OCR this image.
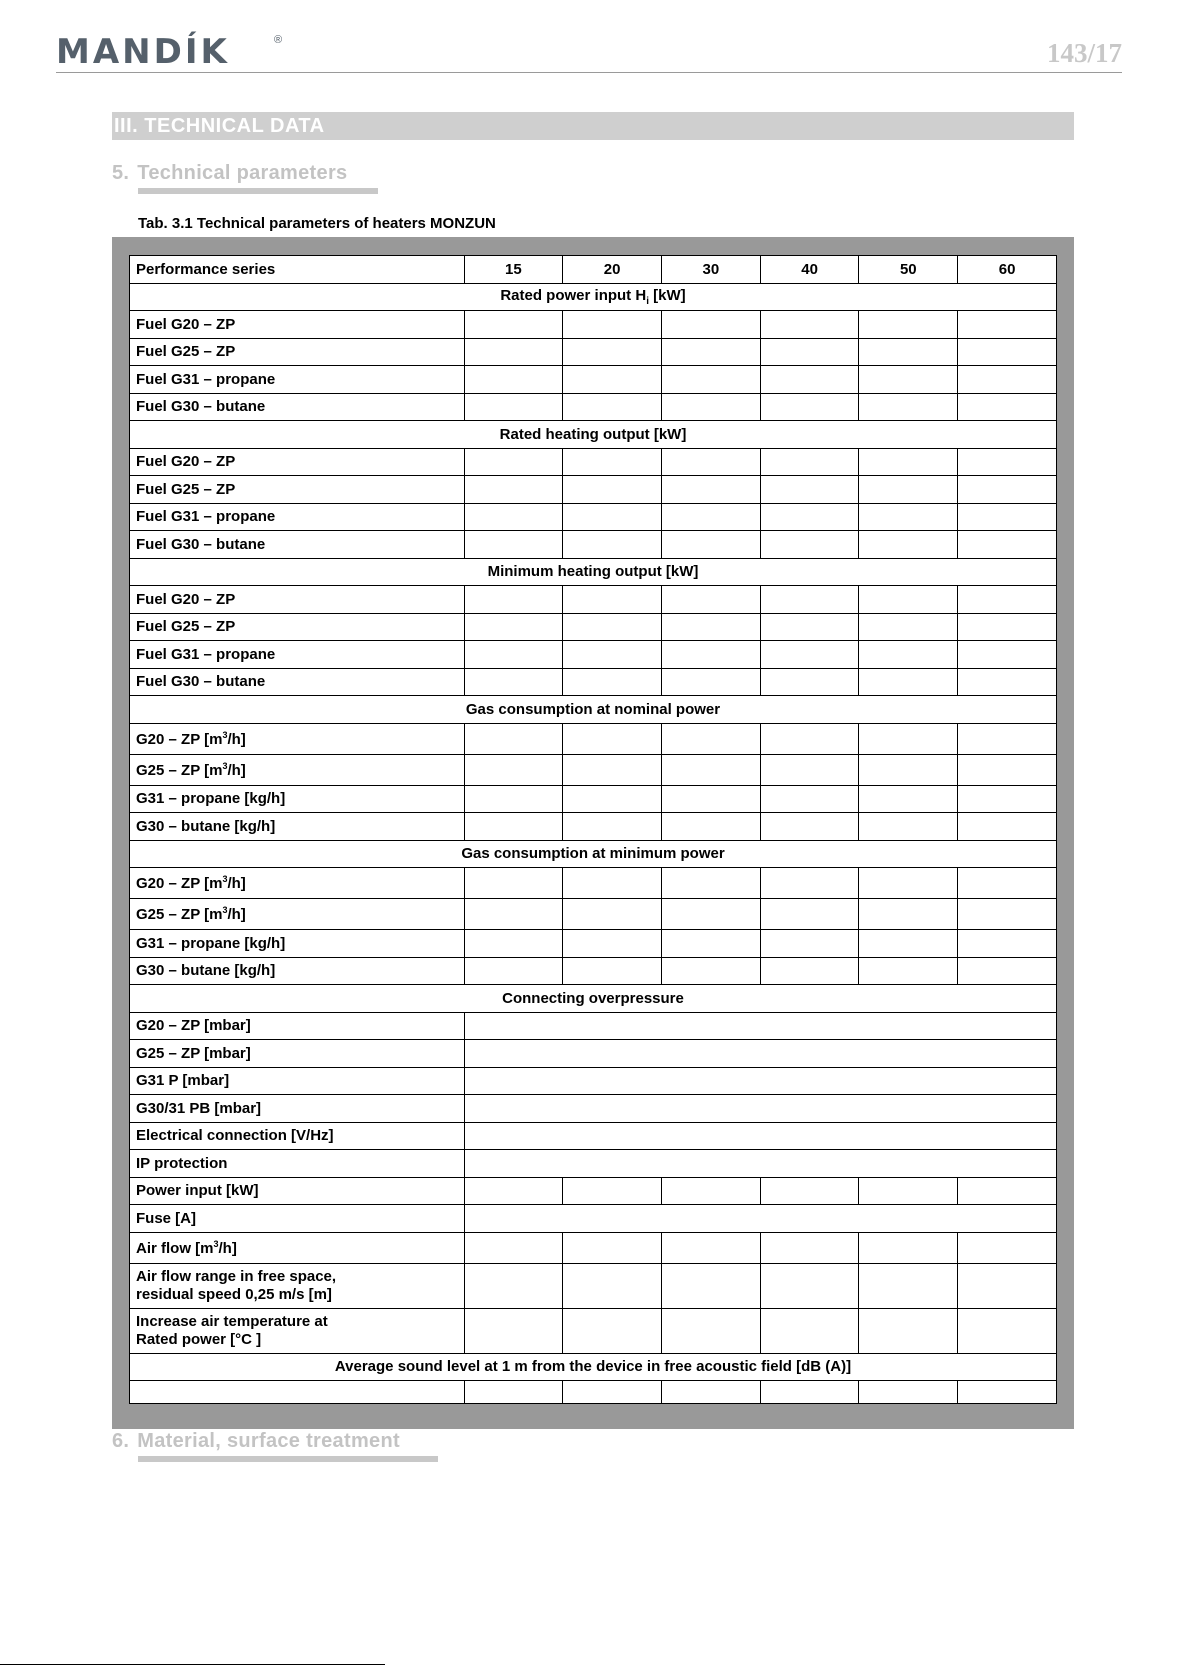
MANDÍK	®	143/17
III. TECHNICAL DATA
5. Technical parameters
Tab. 3.1 Technical parameters of heaters MONZUN
Performance series	15	20	30	40	50	60
Rated power input $H_i$ [kW]						
Fuel G20 – ZP						
Fuel G25 – ZP						
Fuel G31 – propane						
Fuel G30 – butane						
Rated heating output [kW]						
Fuel G20 – ZP						
Fuel G25 – ZP						
Fuel G31 – propane						
Fuel G30 – butane						
Minimum heating output [kW]						
Fuel G20 – ZP						
Fuel G25 – ZP						
Fuel G31 – propane						
Fuel G30 – butane						
Gas consumption at nominal power						
G20 – ZP $[m^3/h]$						
G25 – ZP $[m^3/h]$						
G31 – propane [kg/h]						
G30 – butane [kg/h]						
Gas consumption at minimum power						
G20 – ZP $[m^3/h]$						
G25 – ZP $[m^3/h]$						
G31 – propane [kg/h]						
G30 – butane [kg/h]						
Connecting overpressure						
G20 – ZP [mbar]						
G25 – ZP [mbar]						
G31 P [mbar]						
G30/31 PB [mbar]						
Electrical connection [V/Hz]						
IP protection						
Power input [kW]						
Fuse [A]						
Air flow $[m^3/h]$						
Air flow range in free space,
residual speed 0,25 m/s [m]						
Increase air temperature at
Rated power [°C ]						
Average sound level at 1 m from the device in free acoustic field [dB (A)]						

6. Material, surface treatment
